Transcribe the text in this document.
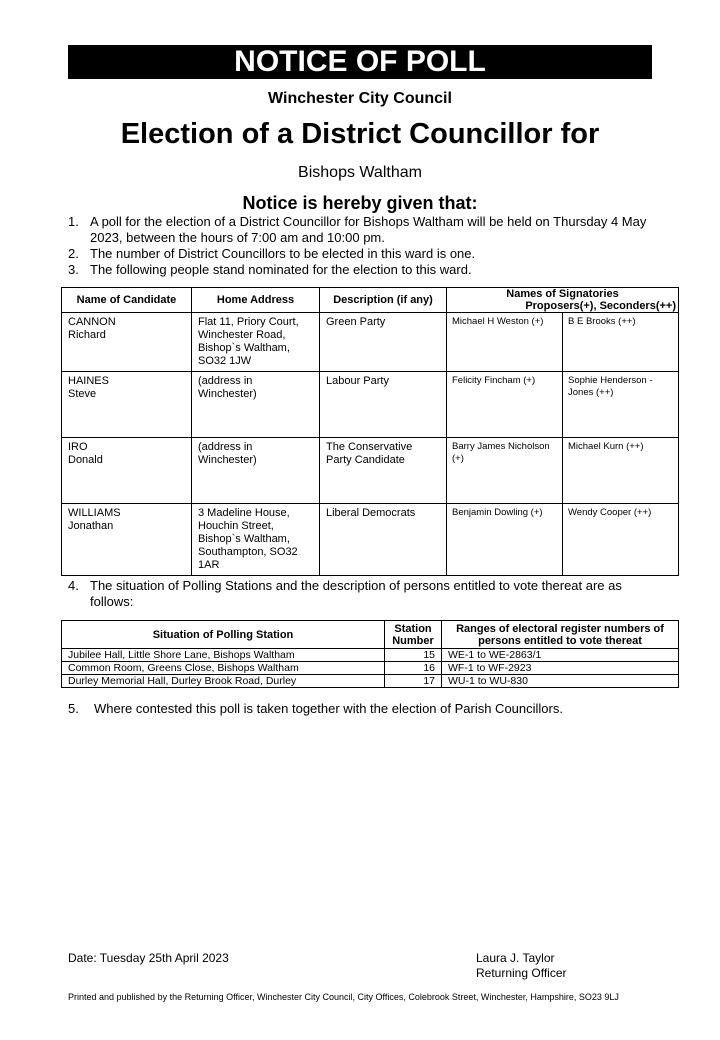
NOTICE OF POLL
Winchester City Council
Election of a District Councillor for
Bishops Waltham
Notice is hereby given that:
1. A poll for the election of a District Councillor for Bishops Waltham will be held on Thursday 4 May 2023, between the hours of 7:00 am and 10:00 pm.
2. The number of District Councillors to be elected in this ward is one.
3. The following people stand nominated for the election to this ward.
Name of Candidate	Home Address	Description (if any)	Names of Signatories
Proposers(+), Seconders(++)	

CANNON
Richard	Flat 11, Priory Court,
Winchester Road,
Bishop`s Waltham,
SO32 1JW	Green Party	Michael H Weston (+)	B E Brooks (++)

HAINES
Steve	(address in
Winchester)	Labour Party	Felicity Fincham (+)	Sophie Henderson - Jones (++)

IRO
Donald	(address in
Winchester)	The Conservative
Party Candidate	Barry James Nicholson (+)	Michael Kurn (++)

WILLIAMS
Jonathan	3 Madeline House,
Houchin Street,
Bishop`s Waltham,
Southampton, SO32
1AR	Liberal Democrats	Benjamin Dowling (+)	Wendy Cooper (++)
4. The situation of Polling Stations and the description of persons entitled to vote thereat are as follows:
Situation of Polling Station	Station
Number	Ranges of electoral register numbers of
persons entitled to vote thereat

Jubilee Hall, Little Shore Lane, Bishops Waltham	15	WE-1 to WE-2863/1
Common Room, Greens Close, Bishops Waltham	16	WF-1 to WF-2923
Durley Memorial Hall, Durley Brook Road, Durley	17	WU-1 to WU-830
5.	Where contested this poll is taken together with the election of Parish Councillors.
Date: Tuesday 25th April 2023	Laura J. Taylor
Returning Officer
Printed and published by the Returning Officer, Winchester City Council, City Offices, Colebrook Street, Winchester, Hampshire, SO23 9LJ
